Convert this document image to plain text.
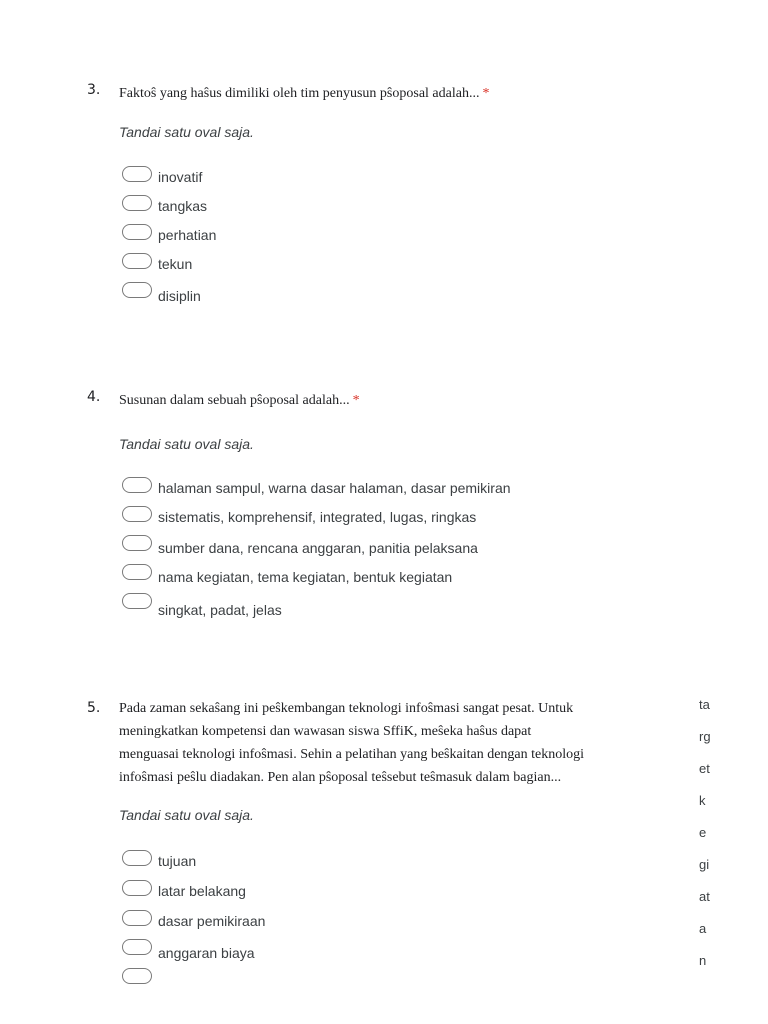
3. Faktoŝ yang haŝus dimiliki oleh tim penyusun pŝoposal adalah... *
Tandai satu oval saja.
inovatif
tangkas
perhatian
tekun
disiplin
4. Susunan dalam sebuah pŝoposal adalah... *
Tandai satu oval saja.
halaman sampul, warna dasar halaman, dasar pemikiran
sistematis, komprehensif, integrated, lugas, ringkas
sumber dana, rencana anggaran, panitia pelaksana
nama kegiatan, tema kegiatan, bentuk kegiatan
singkat, padat, jelas
5. Pada zaman sekaŝang ini peŝkembangan teknologi infoŝmasi sangat pesat. Untuk
meningkatkan kompetensi dan wawasan siswa SffiK, meŝeka haŝus dapat
menguasai teknologi infoŝmasi. Sehin a pelatihan yang beŝkaitan dengan teknologi
infoŝmasi peŝlu diadakan. Pen alan pŝoposal teŝsebut teŝmasuk dalam bagian...
Tandai satu oval saja.
tujuan
latar belakang
dasar pemikiraan
anggaran biaya
ta
rg
et
k
e
gi
at
a
n
